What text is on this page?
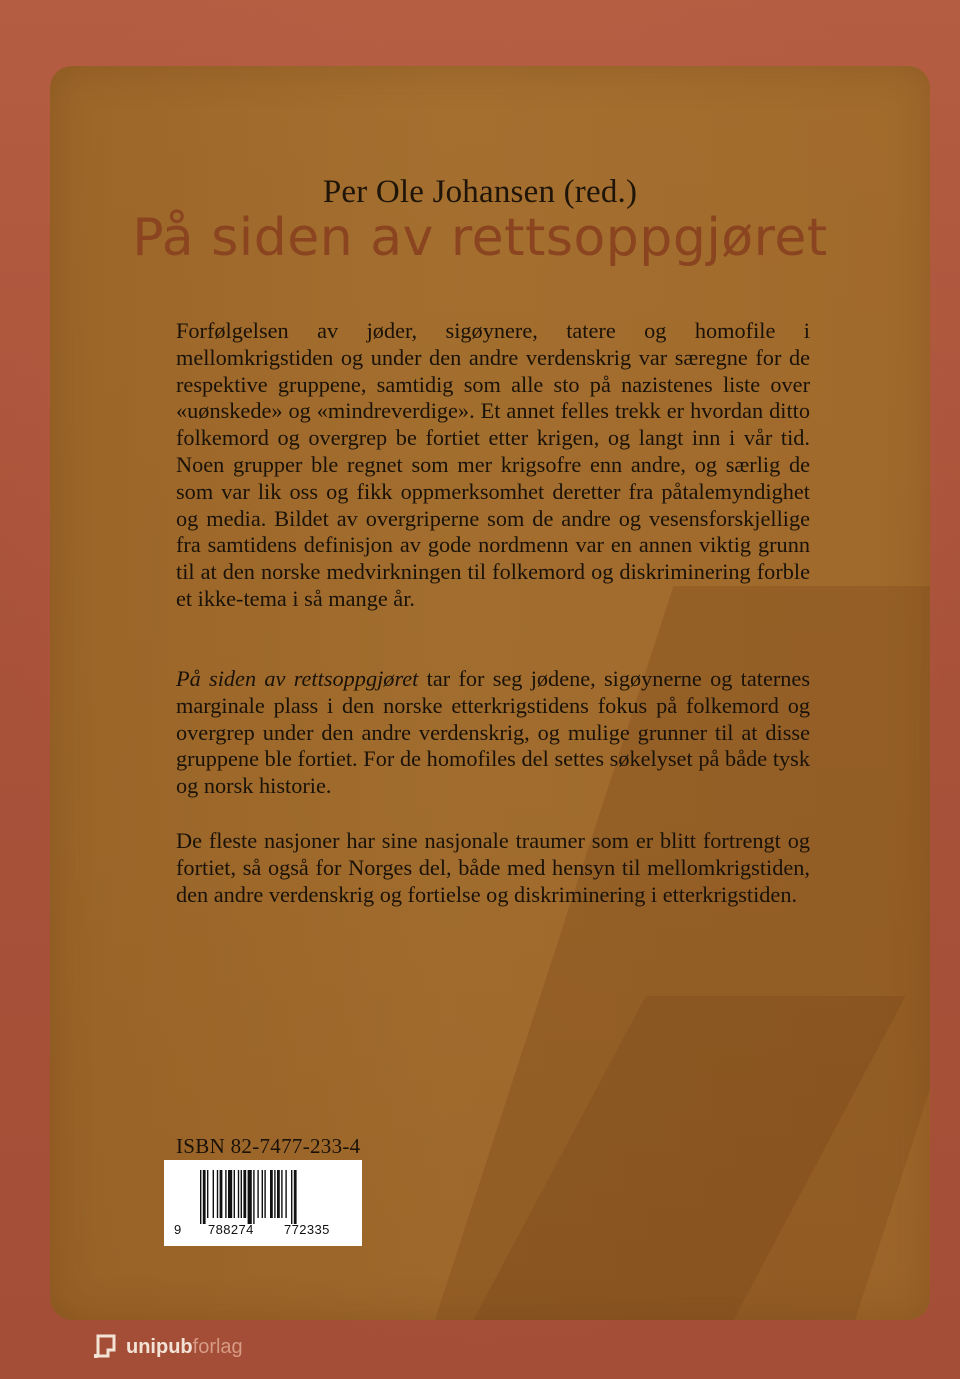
Per Ole Johansen (red.)
På siden av rettsoppgjøret

Forfølgelsen av jøder, sigøynere, tatere og homofile i mellomkrigstiden og under den andre verdenskrig var særegne for de respektive gruppene, samtidig som alle sto på nazistenes liste over «uønskede» og «mindreverdige». Et annet felles trekk er hvordan ditto folkemord og overgrep be fortiet etter krigen, og langt inn i vår tid. Noen grupper ble regnet som mer krigsofre enn andre, og særlig de som var lik oss og fikk oppmerksomhet deretter fra påtalemyndighet og media. Bildet av overgriperne som de andre og vesensforskjellige fra samtidens definisjon av gode nordmenn var en annen viktig grunn til at den norske medvirkningen til folkemord og diskriminering forble et ikke-tema i så mange år.

På siden av rettsoppgjøret tar for seg jødene, sigøynerne og taternes marginale plass i den norske etterkrigstidens fokus på folkemord og overgrep under den andre verdenskrig, og mulige grunner til at disse gruppene ble fortiet. For de homofiles del settes søkelyset på både tysk og norsk historie.

De fleste nasjoner har sine nasjonale traumer som er blitt fortrengt og fortiet, så også for Norges del, både med hensyn til mellomkrigstiden, den andre verdenskrig og fortielse og diskriminering i etterkrigstiden.

ISBN 82-7477-233-4

9

788274

772335

unipub forlag
